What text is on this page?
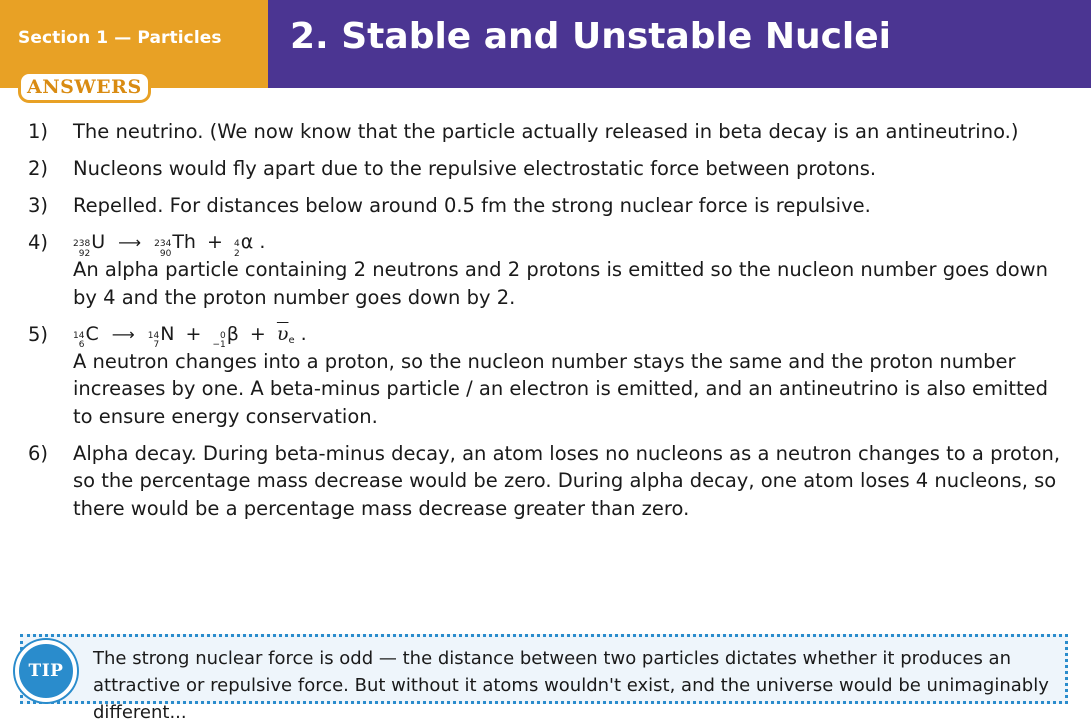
Section 1 — Particles
ANSWERS
2. Stable and Unstable Nuclei
1) The neutrino. (We now know that the particle actually released in beta decay is an antineutrino.)
2) Nucleons would fly apart due to the repulsive electrostatic force between protons.
3) Repelled. For distances below around 0.5 fm the strong nuclear force is repulsive.
4)	238
92
U ⟶ 234
90
Th + 4
2
α .
An alpha particle containing 2 neutrons and 2 protons is emitted so the nucleon number goes down by 4 and the proton number goes down by 2.
5)	14
6
C ⟶ 14
7
N +	0
−1
$\beta + \overline{\upsilon}e$ .
A neutron changes into a proton, so the nucleon number stays the same and the proton number increases by one. A beta-minus particle / an electron is emitted, and an antineutrino is also emitted to ensure energy conservation.
6) Alpha decay. During beta-minus decay, an atom loses no nucleons as a neutron changes to a proton, so the percentage mass decrease would be zero. During alpha decay, one atom loses 4 nucleons, so there would be a percentage mass decrease greater than zero.
TIP
The strong nuclear force is odd — the distance between two particles dictates whether it produces an attractive or repulsive force. But without it atoms wouldn't exist, and the universe would be unimaginably different...
